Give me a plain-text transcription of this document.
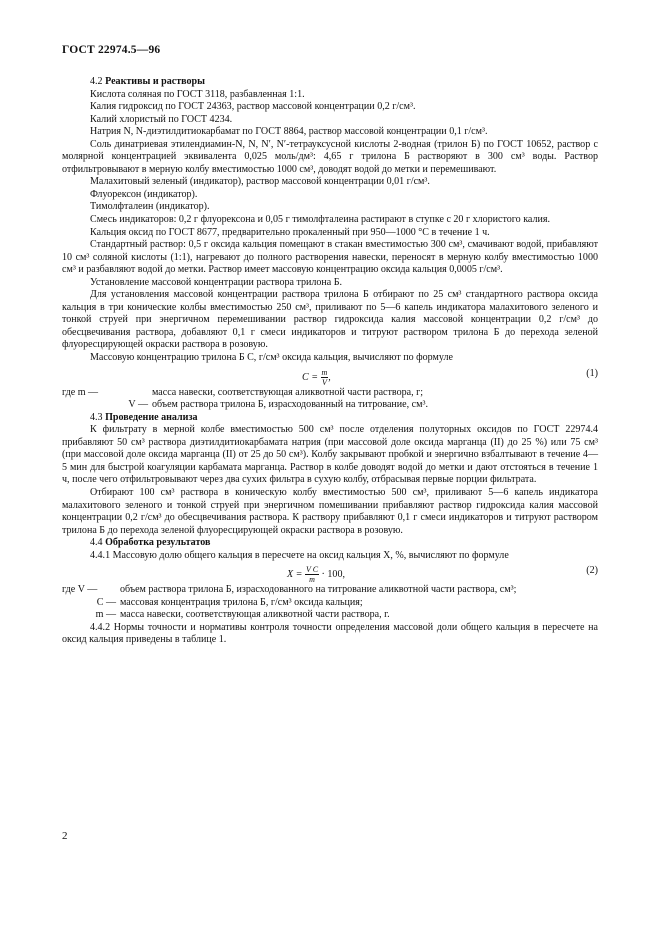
ГОСТ 22974.5—96

4.2 Реактивы и растворы

Кислота соляная по ГОСТ 3118, разбавленная 1:1.

Калия гидроксид по ГОСТ 24363, раствор массовой концентрации 0,2 г/см³.

Калий хлористый по ГОСТ 4234.

Натрия N, N-диэтилдитиокарбамат по ГОСТ 8864, раствор массовой концентрации 0,1 г/см³.

Соль динатриевая этилендиамин-N, N, N′, N′-тетрауксусной кислоты 2-водная (трилон Б) по ГОСТ 10652, раствор с молярной концентрацией эквивалента 0,025 моль/дм³: 4,65 г трилона Б растворяют в 300 см³ воды. Раствор отфильтровывают в мерную колбу вместимостью 1000 см³, доводят водой до метки и перемешивают.

Малахитовый зеленый (индикатор), раствор массовой концентрации 0,01 г/см³.

Флуорексон (индикатор).

Тимолфталеин (индикатор).

Смесь индикаторов: 0,2 г флуорексона и 0,05 г тимолфталеина растирают в ступке с 20 г хлористого калия.

Кальция оксид по ГОСТ 8677, предварительно прокаленный при 950—1000 °С в течение 1 ч.

Стандартный раствор: 0,5 г оксида кальция помещают в стакан вместимостью 300 см³, смачивают водой, прибавляют 10 см³ соляной кислоты (1:1), нагревают до полного растворения навески, переносят в мерную колбу вместимостью 1000 см³ и разбавляют водой до метки. Раствор имеет массовую концентрацию оксида кальция 0,0005 г/см³.

Установление массовой концентрации раствора трилона Б.

Для установления массовой концентрации раствора трилона Б отбирают по 25 см³ стандартного раствора оксида кальция в три конические колбы вместимостью 250 см³, приливают по 5—6 капель индикатора малахитового зеленого и тонкой струей при энергичном перемешивании раствор гидроксида калия массовой концентрации 0,2 г/см³ до обесцвечивания раствора, добавляют 0,1 г смеси индикаторов и титруют раствором трилона Б до перехода зеленой флуоресцирующей окраски раствора в розовую.

Массовую концентрацию трилона Б С, г/см³ оксида кальция, вычисляют по формуле

$C = \frac{m}{V}$ ,	(1)
где m —	масса навески, соответствующая аликвотной части раствора, г;
V — объем раствора трилона Б, израсходованный на титрование, см³.

4.3 Проведение анализа

К фильтрату в мерной колбе вместимостью 500 см³ после отделения полуторных оксидов по ГОСТ 22974.4 прибавляют 50 см³ раствора диэтилдитиокарбамата натрия (при массовой доле оксида марганца (II) до 25 %) или 75 см³ (при массовой доле оксида марганца (II) от 25 до 50 см³). Колбу закрывают пробкой и энергично взбалтывают в течение 4—5 мин для быстрой коагуляции карбамата марганца. Раствор в колбе доводят водой до метки и дают отстояться в течение 1 ч, после чего отфильтровывают через два сухих фильтра в сухую колбу, отбрасывая первые порции фильтрата.

Отбирают 100 см³ раствора в коническую колбу вместимостью 500 см³, приливают 5—6 капель индикатора малахитового зеленого и тонкой струей при энергичном помешивании прибавляют раствор гидроксида калия массовой концентрации 0,2 г/см³ до обесцвечивания раствора. К раствору прибавляют 0,1 г смеси индикаторов и титруют раствором трилона Б до перехода зеленой флуоресцирующей окраски раствора в розовую.

4.4 Обработка результатов

4.4.1 Массовую долю общего кальция в пересчете на оксид кальция X, %, вычисляют по формуле

$X = \frac{\text{V C}}{m} \cdot 100$,	(2)
где V —	объем раствора трилона Б, израсходованного на титрование аликвотной части раствора, см³;
C — массовая концентрация трилона Б, г/см³ оксида кальция;
m — масса навески, соответствующая аликвотной части раствора, г.

4.4.2 Нормы точности и нормативы контроля точности определения массовой доли общего кальция в пересчете на оксид кальция приведены в таблице 1.

2
